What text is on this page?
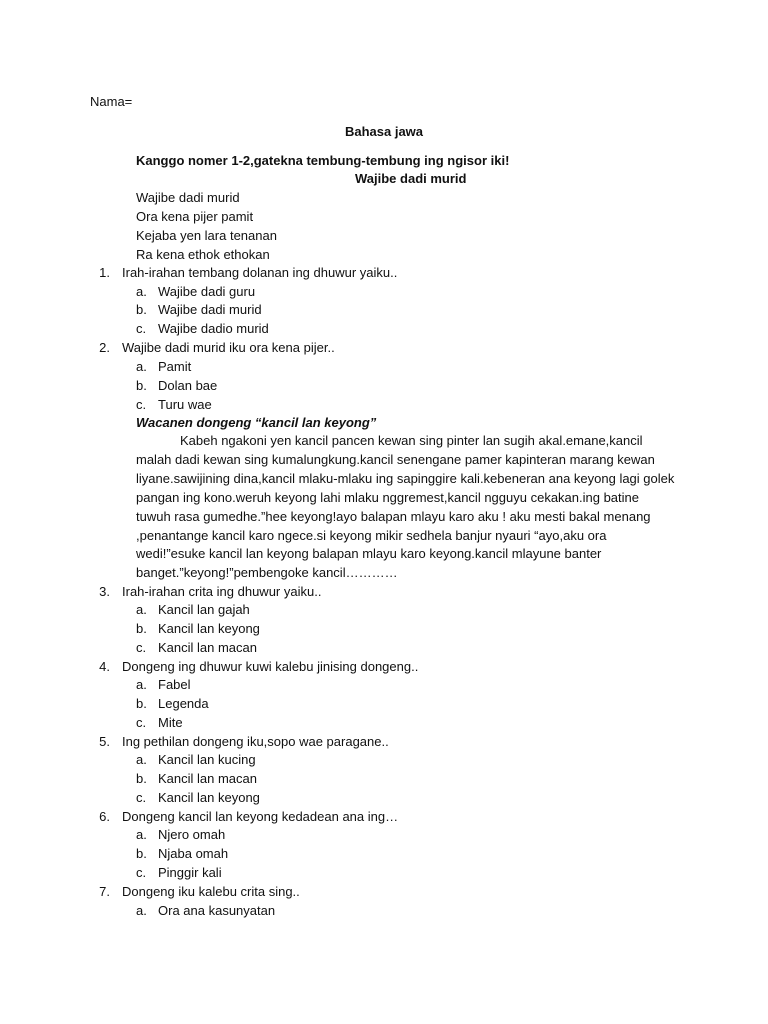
Nama=
Bahasa jawa
Kanggo nomer 1-2,gatekna tembung-tembung ing ngisor iki!
Wajibe dadi murid
Wajibe dadi murid
Ora kena pijer pamit
Kejaba yen lara tenanan
Ra kena ethok ethokan
1. Irah-irahan tembang dolanan ing dhuwur yaiku..
a. Wajibe dadi guru
b. Wajibe dadi murid
c. Wajibe dadio murid
2. Wajibe dadi murid iku ora kena pijer..
a. Pamit
b. Dolan bae
c. Turu wae
Wacanen dongeng “kancil lan keyong”
Kabeh ngakoni yen kancil pancen kewan sing pinter lan sugih akal.emane,kancil malah dadi kewan sing kumalungkung.kancil senengane pamer kapinteran marang kewan liyane.sawijining dina,kancil mlaku-mlaku ing sapinggire kali.kebeneran ana keyong lagi golek pangan ing kono.weruh keyong lahi mlaku nggremest,kancil ngguyu cekakan.ing batine tuwuh rasa gumedhe.”hee keyong!ayo balapan mlayu karo aku ! aku mesti bakal menang ,penantange kancil karo ngece.si keyong mikir sedhela banjur nyauri “ayo,aku ora wedi!”esuke kancil lan keyong balapan mlayu karo keyong.kancil mlayune banter banget.”keyong!”pembengoke kancil…………
3. Irah-irahan crita ing dhuwur yaiku..
a. Kancil lan gajah
b. Kancil lan keyong
c. Kancil lan macan
4. Dongeng ing dhuwur kuwi kalebu jinising dongeng..
a. Fabel
b. Legenda
c. Mite
5. Ing pethilan dongeng iku,sopo wae paragane..
a. Kancil lan kucing
b. Kancil lan macan
c. Kancil lan keyong
6. Dongeng kancil lan keyong kedadean ana ing…
a. Njero omah
b. Njaba omah
c. Pinggir kali
7. Dongeng iku kalebu crita sing..
a. Ora ana kasunyatan
